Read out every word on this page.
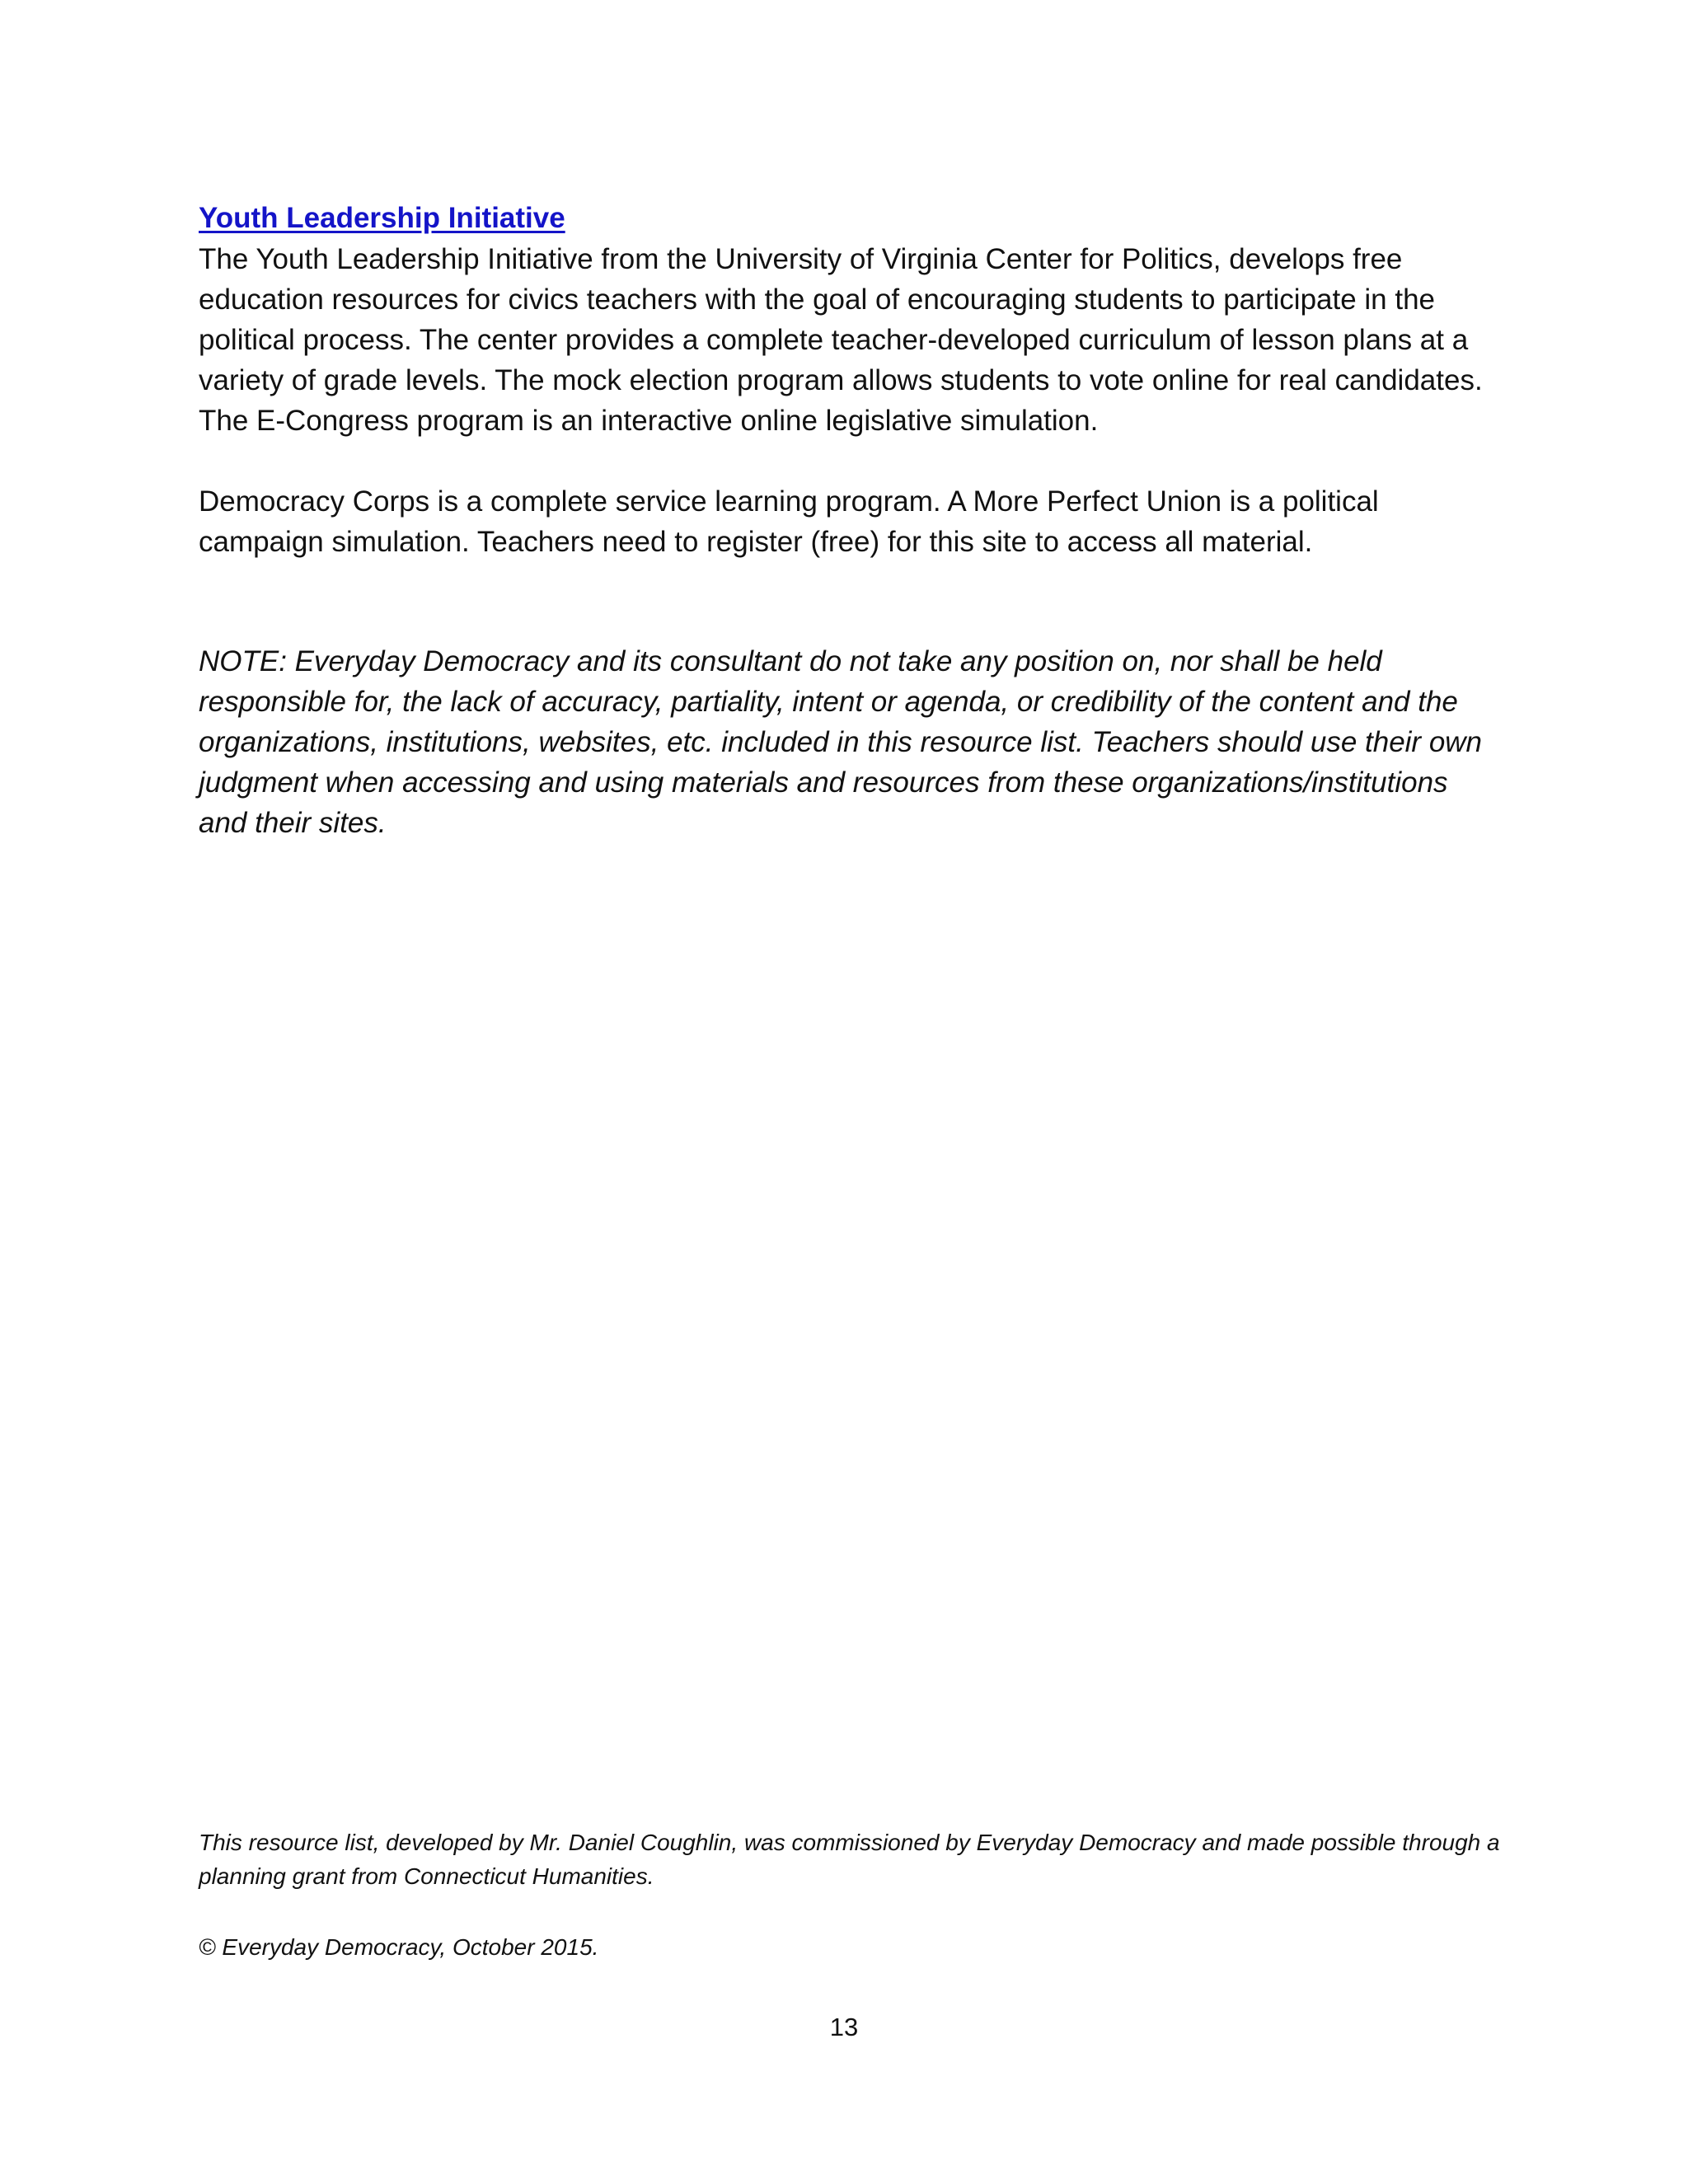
Youth Leadership Initiative

The Youth Leadership Initiative from the University of Virginia Center for Politics, develops free education resources for civics teachers with the goal of encouraging students to participate in the political process. The center provides a complete teacher-developed curriculum of lesson plans at a variety of grade levels. The mock election program allows students to vote online for real candidates. The E-Congress program is an interactive online legislative simulation.

Democracy Corps is a complete service learning program. A More Perfect Union is a political campaign simulation. Teachers need to register (free) for this site to access all material.

NOTE: Everyday Democracy and its consultant do not take any position on, nor shall be held responsible for, the lack of accuracy, partiality, intent or agenda, or credibility of the content and the organizations, institutions, websites, etc. included in this resource list. Teachers should use their own judgment when accessing and using materials and resources from these organizations/institutions and their sites.

This resource list, developed by Mr. Daniel Coughlin, was commissioned by Everyday Democracy and made possible through a planning grant from Connecticut Humanities.

© Everyday Democracy, October 2015.

13
